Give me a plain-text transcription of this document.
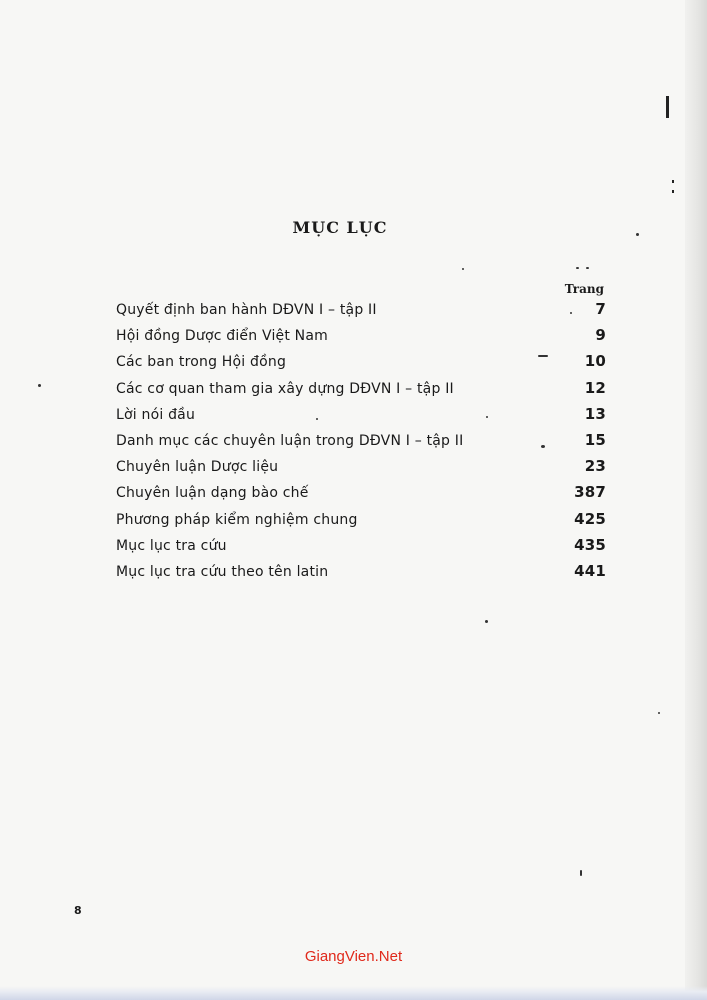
MỤC LỤC
Trang
Quyết định ban hành DĐVN I – tập II	7
Hội đồng Dược điển Việt Nam	9
Các ban trong Hội đồng	10
Các cơ quan tham gia xây dựng DĐVN I – tập II	12
Lời nói đầu	13
Danh mục các chuyên luận trong DĐVN I – tập II	15
Chuyên luận Dược liệu	23
Chuyên luận dạng bào chế	387
Phương pháp kiểm nghiệm chung	425
Mục lục tra cứu	435
Mục lục tra cứu theo tên latin	441
8
GiangVien.Net
